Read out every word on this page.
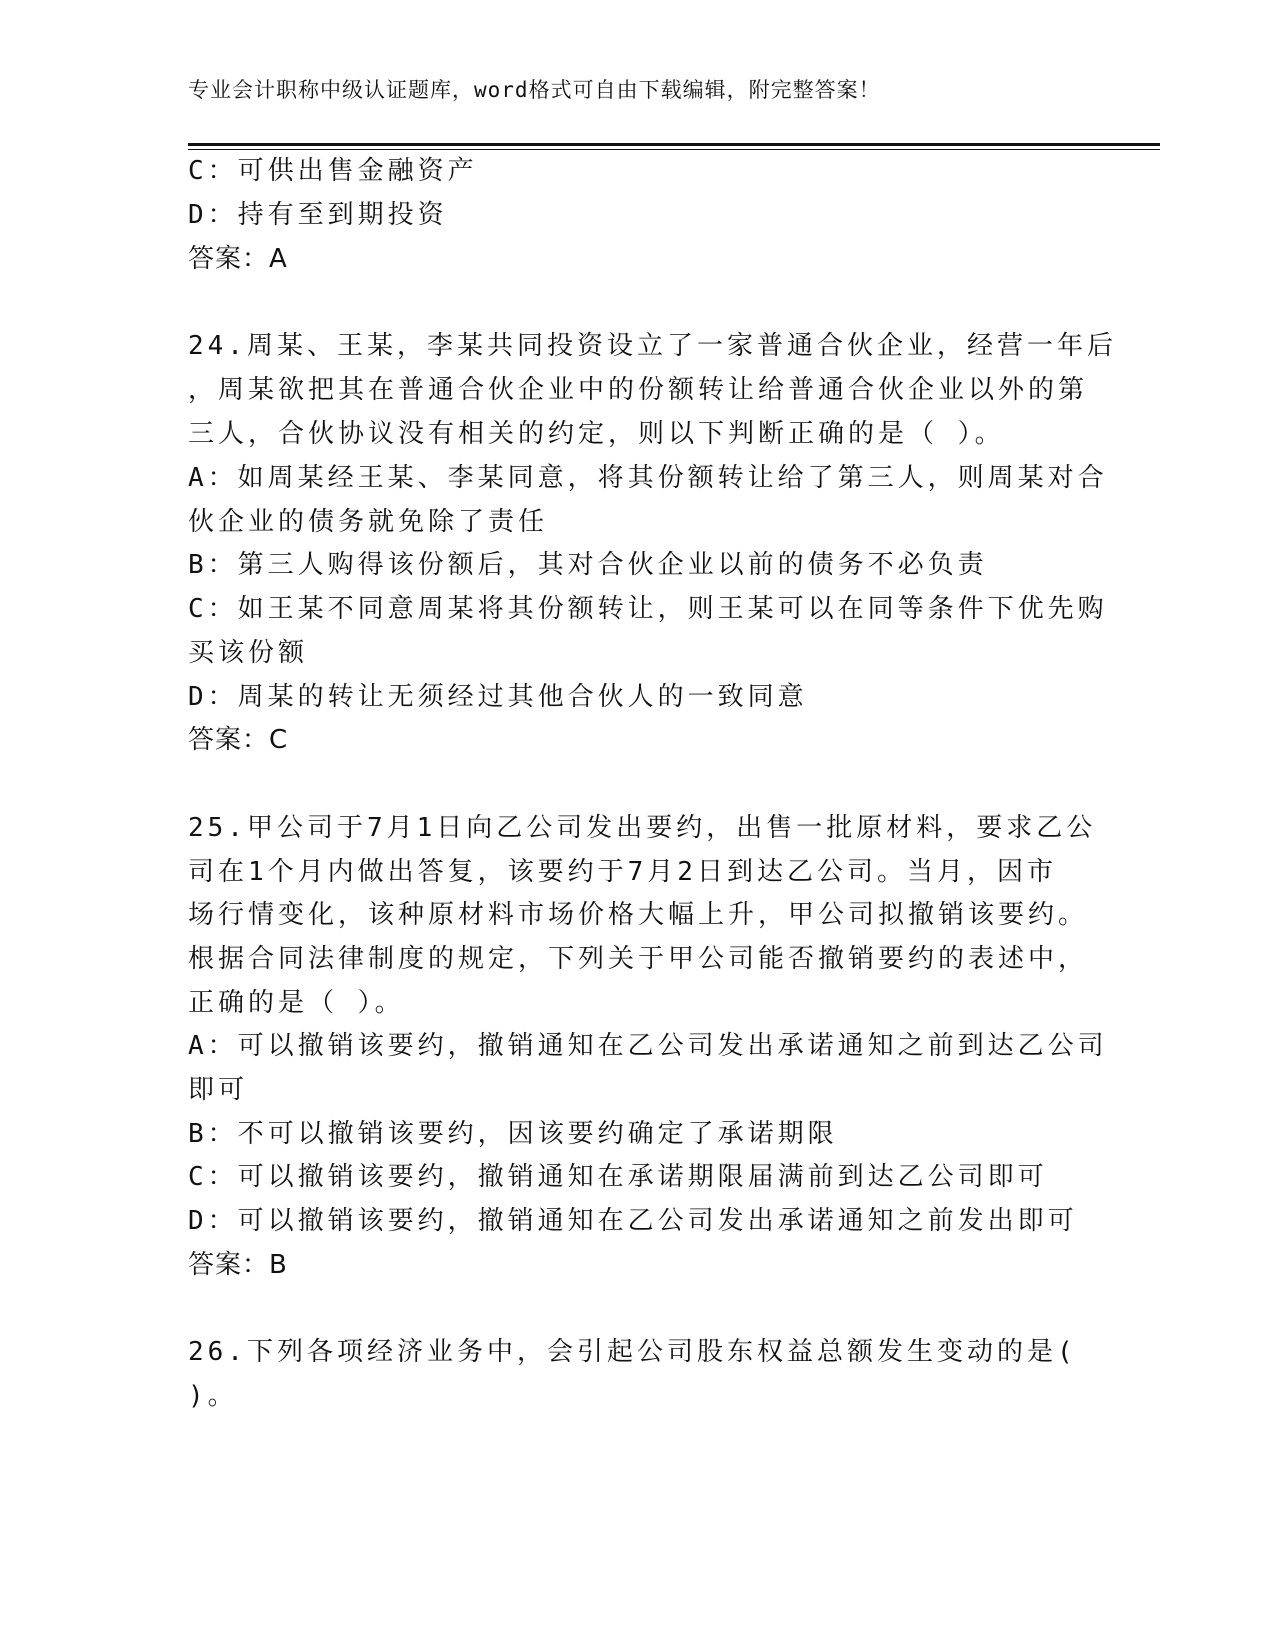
专业会计职称中级认证题库，word格式可自由下载编辑，附完整答案！
C：可供出售金融资产
D：持有至到期投资
答案：A
24.周某、王某，李某共同投资设立了一家普通合伙企业，经营一年后
，周某欲把其在普通合伙企业中的份额转让给普通合伙企业以外的第
三人，合伙协议没有相关的约定，则以下判断正确的是（ ）。
A：如周某经王某、李某同意，将其份额转让给了第三人，则周某对合
伙企业的债务就免除了责任
B：第三人购得该份额后，其对合伙企业以前的债务不必负责
C：如王某不同意周某将其份额转让，则王某可以在同等条件下优先购
买该份额
D：周某的转让无须经过其他合伙人的一致同意
答案：C
25.甲公司于7月1日向乙公司发出要约，出售一批原材料，要求乙公
司在1个月内做出答复，该要约于7月2日到达乙公司。当月，因市
场行情变化，该种原材料市场价格大幅上升，甲公司拟撤销该要约。
根据合同法律制度的规定，下列关于甲公司能否撤销要约的表述中，
正确的是（ ）。
A：可以撤销该要约，撤销通知在乙公司发出承诺通知之前到达乙公司
即可
B：不可以撤销该要约，因该要约确定了承诺期限
C：可以撤销该要约，撤销通知在承诺期限届满前到达乙公司即可
D：可以撤销该要约，撤销通知在乙公司发出承诺通知之前发出即可
答案：B
26.下列各项经济业务中，会引起公司股东权益总额发生变动的是(
)。
